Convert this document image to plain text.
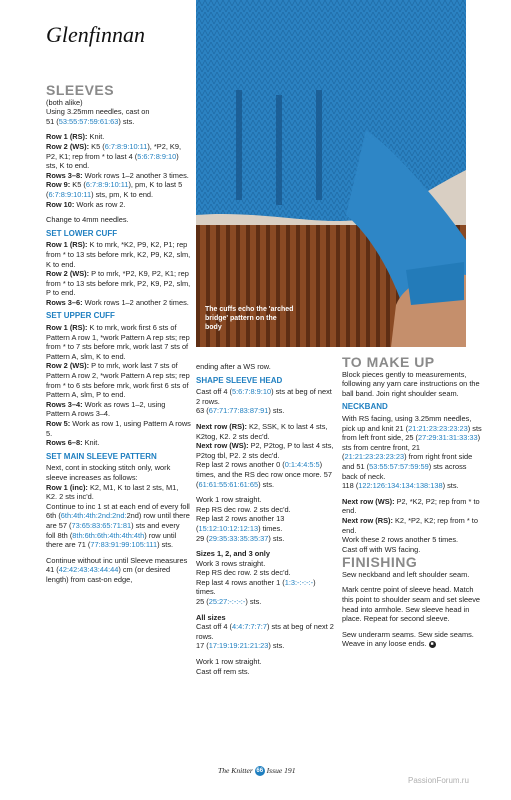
Glenfinnan
The cuffs echo the 'arched bridge' pattern on the body
SLEEVES

(both alike)
Using 3.25mm needles, cast on
51 (53:55:57:59:61:63) sts.

Row 1 (RS): Knit.
Row 2 (WS): K5 (6:7:8:9:10:11), *P2, K9, P2, K1; rep from * to last 4 (5:6:7:8:9:10) sts, K to end.
Rows 3–8: Work rows 1–2 another 3 times.
Row 9: K5 (6:7:8:9:10:11), pm, K to last 5 (6:7:8:9:10:11) sts, pm, K to end.
Row 10: Work as row 2.

Change to 4mm needles.

SET LOWER CUFF

Row 1 (RS): K to mrk, *K2, P9, K2, P1; rep from * to 13 sts before mrk, K2, P9, K2, slm, K to end.
Row 2 (WS): P to mrk, *P2, K9, P2, K1; rep from * to 13 sts before mrk, P2, K9, P2, slm, P to end.
Rows 3–6: Work rows 1–2 another 2 times.

SET UPPER CUFF

Row 1 (RS): K to mrk, work first 6 sts of Pattern A row 1, *work Pattern A rep sts; rep from * to 7 sts before mrk, work last 7 sts of Pattern A, slm, K to end.
Row 2 (WS): P to mrk, work last 7 sts of Pattern A row 2, *work Pattern A rep sts; rep from * to 6 sts before mrk, work first 6 sts of Pattern A, slm, P to end.
Rows 3–4: Work as rows 1–2, using Pattern A rows 3–4.
Row 5: Work as row 1, using Pattern A rows 5.
Rows 6–8: Knit.

SET MAIN SLEEVE PATTERN

Next, cont in stocking stitch only, work sleeve increases as follows:
Row 1 (inc): K2, M1, K to last 2 sts, M1, K2. 2 sts inc'd.
Continue to inc 1 st at each end of every foll 6th (6th:4th:4th:2nd:2nd:2nd) row until there are 57 (73:65:83:65:71:81) sts and every foll 8th (8th:6th:6th:4th:4th:4th) row until there are 71 (77:83:91:99:105:111) sts.

Continue without inc until Sleeve measures 41 (42:42:43:43:44:44) cm (or desired length) from cast-on edge,

ending after a WS row.

SHAPE SLEEVE HEAD

Cast off 4 (5:6:7:8:9:10) sts at beg of next 2 rows.
63 (67:71:77:83:87:91) sts.

Next row (RS): K2, SSK, K to last 4 sts, K2tog, K2. 2 sts dec'd.
Next row (WS): P2, P2tog, P to last 4 sts, P2tog tbl, P2. 2 sts dec'd.
Rep last 2 rows another 0 (0:1:4:4:5:5) times, and the RS dec row once more. 57 (61:61:55:61:61:65) sts.

Work 1 row straight.
Rep RS dec row. 2 sts dec'd.
Rep last 2 rows another 13 (15:12:10:12:12:13) times.
29 (29:35:33:35:35:37) sts.

Sizes 1, 2, and 3 only
Work 3 rows straight.
Rep RS dec row. 2 sts dec'd.
Rep last 4 rows another 1 (1:3:-:-:-:-) times.
25 (25:27:-:-:-:-) sts.

All sizes
Cast off 4 (4:4:7:7:7:7) sts at beg of next 2 rows.
17 (17:19:19:21:21:23) sts.

Work 1 row straight.
Cast off rem sts.

TO MAKE UP

Block pieces gently to measurements, following any yarn care instructions on the ball band. Join right shoulder seam.

NECKBAND

With RS facing, using 3.25mm needles, pick up and knit 21 (21:21:23:23:23:23) sts from left front side, 25 (27:29:31:31:33:33) sts from centre front, 21 (21:21:23:23:23:23) from right front side and 51 (53:55:57:57:59:59) sts across back of neck.
118 (122:126:134:134:138:138) sts.

Next row (WS): P2, *K2, P2; rep from * to end.
Next row (RS): K2, *P2, K2; rep from * to end.
Work these 2 rows another 5 times.
Cast off with WS facing.

FINISHING

Sew neckband and left shoulder seam.

Mark centre point of sleeve head. Match this point to shoulder seam and set sleeve head into armhole. Sew sleeve head in place. Repeat for second sleeve.

Sew underarm seams. Sew side seams. Weave in any loose ends. ■

The Knitter 66 Issue 191
PassionForum.ru
